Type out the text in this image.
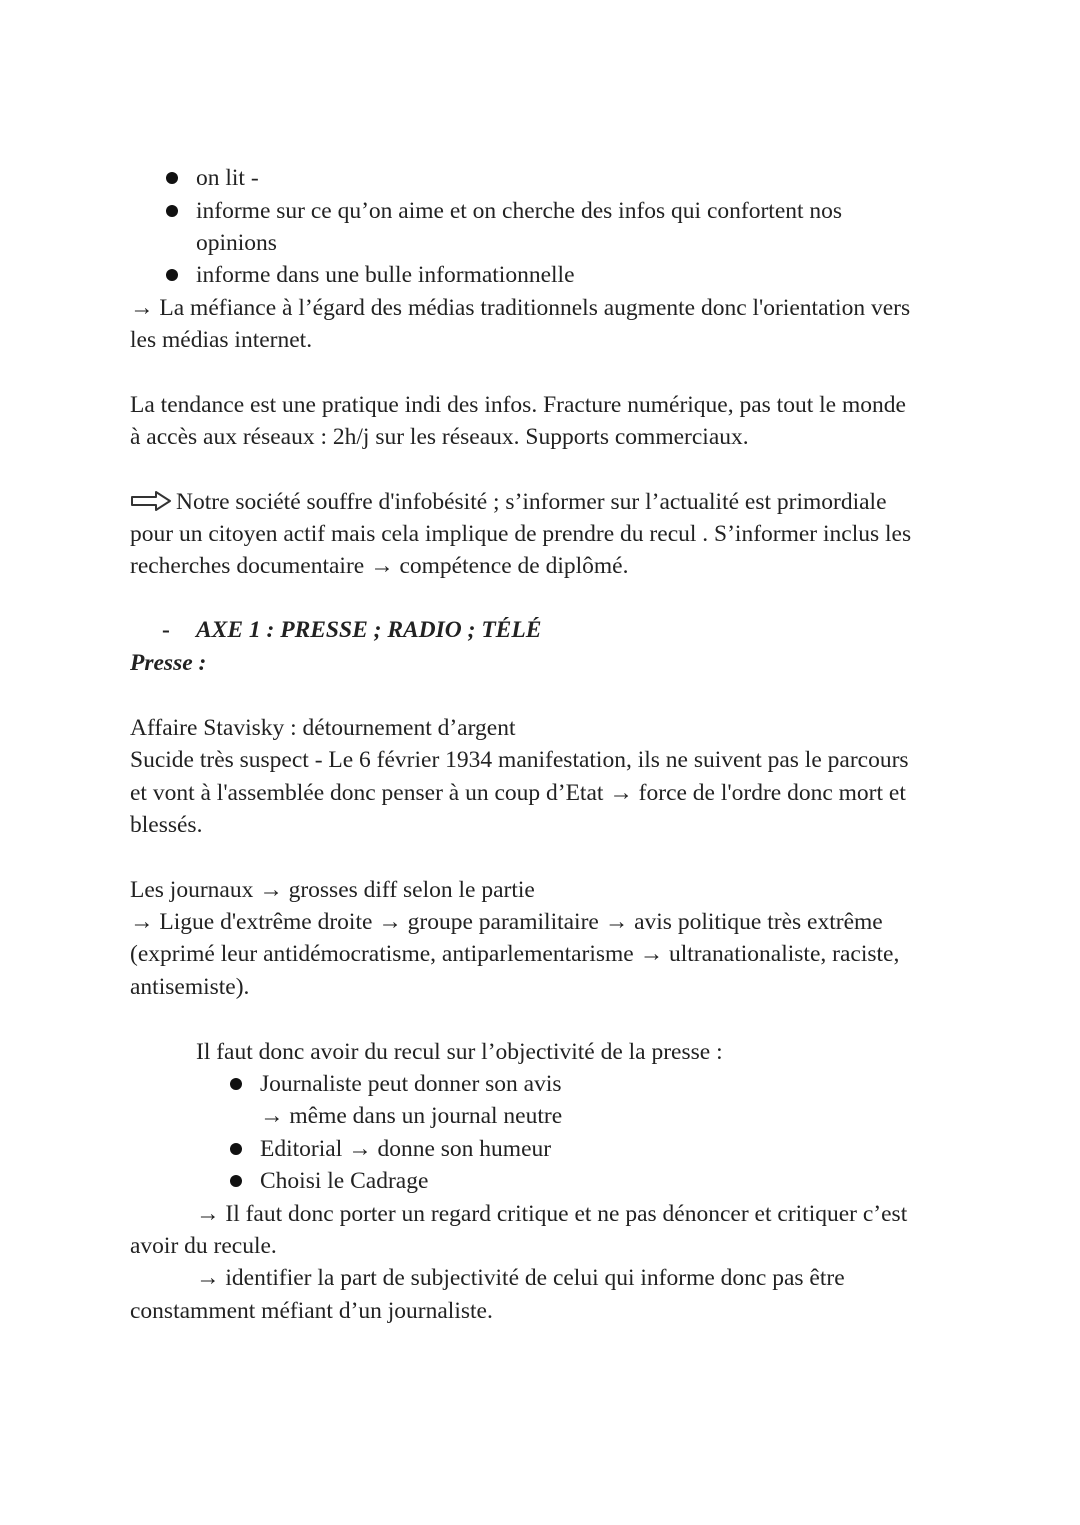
on lit -
informe sur ce qu’on aime et on cherche des infos qui confortent nos
opinions
informe dans une bulle informationnelle
→ La méfiance à l’égard des médias traditionnels augmente donc l'orientation vers
les médias internet.
La tendance est une pratique indi des infos. Fracture numérique, pas tout le monde
à accès aux réseaux : 2h/j sur les réseaux. Supports commerciaux.
Notre société souffre d'infobésité ; s’informer sur l’actualité est primordiale
pour un citoyen actif mais cela implique de prendre du recul . S’informer inclus les
recherches documentaire → compétence de diplômé.
- AXE 1 : PRESSE ; RADIO ; TÉLÉ
Presse :
Affaire Stavisky : détournement d’argent
Sucide très suspect - Le 6 février 1934 manifestation, ils ne suivent pas le parcours
et vont à l'assemblée donc penser à un coup d’Etat → force de l'ordre donc mort et
blessés.
Les journaux → grosses diff selon le partie
→ Ligue d'extrême droite → groupe paramilitaire → avis politique très extrême
(exprimé leur antidémocratisme, antiparlementarisme → ultranationaliste, raciste,
antisemiste).
Il faut donc avoir du recul sur l’objectivité de la presse :
Journaliste peut donner son avis
→ même dans un journal neutre
Editorial → donne son humeur
Choisi le Cadrage
→ Il faut donc porter un regard critique et ne pas dénoncer et critiquer c’est
avoir du recule.
→ identifier la part de subjectivité de celui qui informe donc pas être
constamment méfiant d’un journaliste.
